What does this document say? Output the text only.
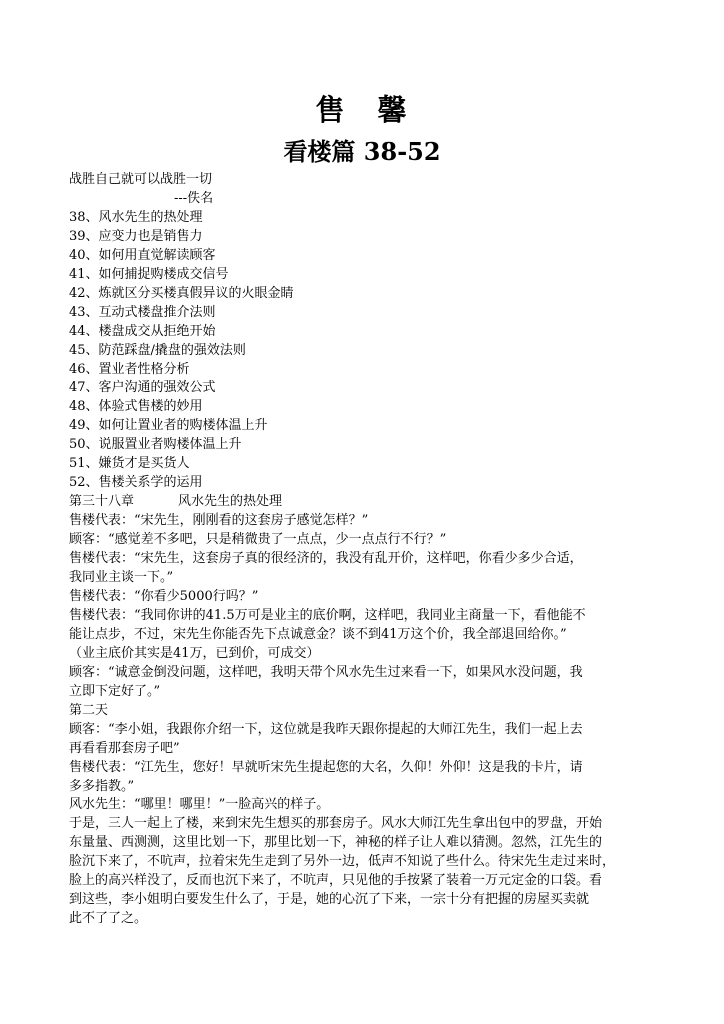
售　馨
看楼篇 38-52
战胜自己就可以战胜一切
---佚名
38、风水先生的热处理
39、应变力也是销售力
40、如何用直觉解读顾客
41、如何捕捉购楼成交信号
42、炼就区分买楼真假异议的火眼金睛
43、互动式楼盘推介法则
44、楼盘成交从拒绝开始
45、防范踩盘/撬盘的强效法则
46、置业者性格分析
47、客户沟通的强效公式
48、体验式售楼的妙用
49、如何让置业者的购楼体温上升
50、说服置业者购楼体温上升
51、嫌货才是买货人
52、售楼关系学的运用
第三十八章	风水先生的热处理
售楼代表：“宋先生，刚刚看的这套房子感觉怎样？”
顾客：“感觉差不多吧，只是稍微贵了一点点，少一点点行不行？”
售楼代表：“宋先生，这套房子真的很经济的，我没有乱开价，这样吧，你看少多少合适，
我同业主谈一下。”
售楼代表：“你看少5000行吗？”
售楼代表：“我同你讲的41.5万可是业主的底价啊，这样吧，我同业主商量一下，看他能不
能让点步，不过，宋先生你能否先下点诚意金？谈不到41万这个价，我全部退回给你。”
（业主底价其实是41万，已到价，可成交）
顾客：“诚意金倒没问题，这样吧，我明天带个风水先生过来看一下，如果风水没问题，我
立即下定好了。”
第二天
顾客：“李小姐，我跟你介绍一下，这位就是我昨天跟你提起的大师江先生，我们一起上去
再看看那套房子吧”
售楼代表：“江先生，您好！早就听宋先生提起您的大名，久仰！外仰！这是我的卡片，请
多多指教。”
风水先生：“哪里！哪里！”一脸高兴的样子。
于是，三人一起上了楼，来到宋先生想买的那套房子。风水大师江先生拿出包中的罗盘，开始
东量量、西测测，这里比划一下，那里比划一下，神秘的样子让人难以猜测。忽然，江先生的
脸沉下来了，不吭声，拉着宋先生走到了另外一边，低声不知说了些什么。待宋先生走过来时，
脸上的高兴样没了，反而也沉下来了，不吭声，只见他的手按紧了装着一万元定金的口袋。看
到这些，李小姐明白要发生什么了，于是，她的心沉了下来，一宗十分有把握的房屋买卖就
此不了了之。
